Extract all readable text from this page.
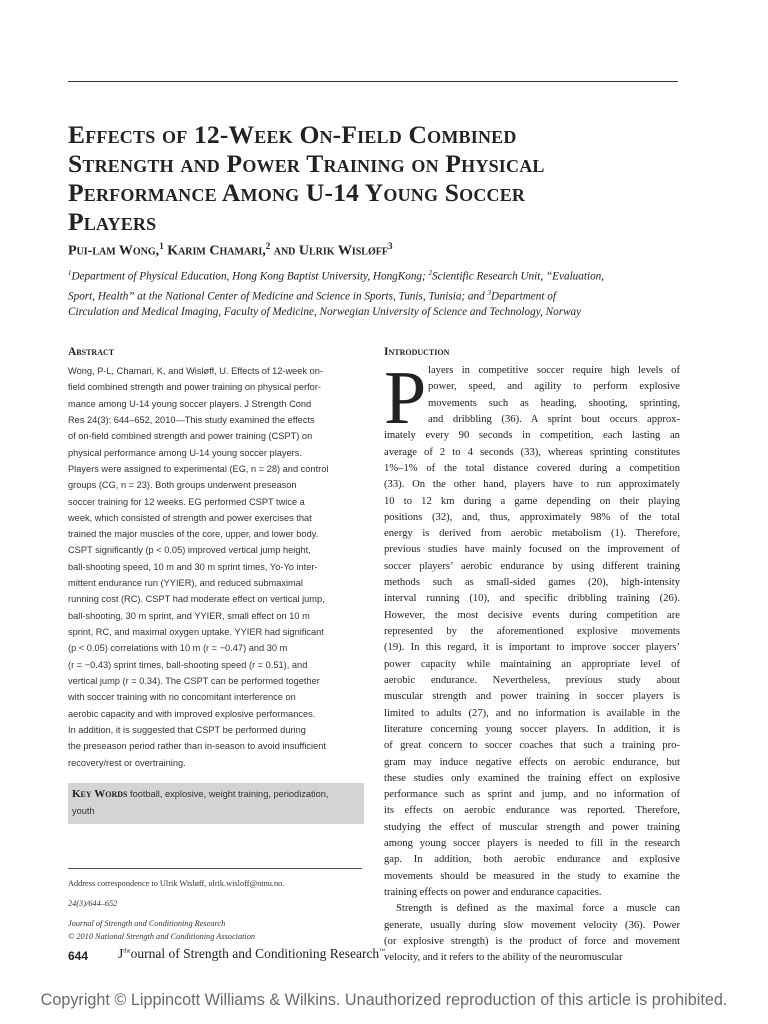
Effects of 12-Week On-Field Combined
Strength and Power Training on Physical
Performance Among U-14 Young Soccer
Players
Pui-lam Wong,$^1$ Karim Chamari,$^2$ and Ulrik Wisløff$^3$
$^1$Department of Physical Education, Hong Kong Baptist University, HongKong; $^2$Scientific Research Unit, “Evaluation,
Sport, Health” at the National Center of Medicine and Science in Sports, Tunis, Tunisia; and $^3$Department of
Circulation and Medical Imaging, Faculty of Medicine, Norwegian University of Science and Technology, Norway
Abstract
Wong, P-L, Chamari, K, and Wisløff, U. Effects of 12-week on-
field combined strength and power training on physical perfor-
mance among U-14 young soccer players. J Strength Cond
Res 24(3): 644–652, 2010—This study examined the effects
of on-field combined strength and power training (CSPT) on
physical performance among U-14 young soccer players.
Players were assigned to experimental (EG, n = 28) and control
groups (CG, n = 23). Both groups underwent preseason
soccer training for 12 weeks. EG performed CSPT twice a
week, which consisted of strength and power exercises that
trained the major muscles of the core, upper, and lower body.
CSPT significantly (p < 0.05) improved vertical jump height,
ball-shooting speed, 10 m and 30 m sprint times, Yo-Yo inter-
mittent endurance run (YYIER), and reduced submaximal
running cost (RC). CSPT had moderate effect on vertical jump,
ball-shooting, 30 m sprint, and YYIER, small effect on 10 m
sprint, RC, and maximal oxygen uptake. YYIER had significant
(p < 0.05) correlations with 10 m (r = −0.47) and 30 m
(r = −0.43) sprint times, ball-shooting speed (r = 0.51), and
vertical jump (r = 0.34). The CSPT can be performed together
with soccer training with no concomitant interference on
aerobic capacity and with improved explosive performances.
In addition, it is suggested that CSPT be performed during
the preseason period rather than in-season to avoid insufficient
recovery/rest or overtraining.
Key Words football, explosive, weight training, periodization,
youth
Address correspondence to Ulrik Wisløff, ulrik.wisloff@ntnu.no.
24(3)/644–652
Journal of Strength and Conditioning Research
© 2010 National Strength and Conditioning Association
644 $J^{the}ournal$ of Strength and Conditioning Research™
Introduction
P layers in competitive soccer require high levels of
power, speed, and agility to perform explosive
movements such as heading, shooting, sprinting,
and dribbling (36). A sprint bout occurs approx-
imately every 90 seconds in competition, each lasting an
average of 2 to 4 seconds (33), whereas sprinting constitutes
1%–1% of the total distance covered during a competition
(33). On the other hand, players have to run approximately
10 to 12 km during a game depending on their playing
positions (32), and, thus, approximately 98% of the total
energy is derived from aerobic metabolism (1). Therefore,
previous studies have mainly focused on the improvement of
soccer players’ aerobic endurance by using different training
methods such as small-sided games (20), high-intensity
interval running (10), and specific dribbling training (26).
However, the most decisive events during competition are
represented by the aforementioned explosive movements
(19). In this regard, it is important to improve soccer players’
power capacity while maintaining an appropriate level of
aerobic endurance. Nevertheless, previous study about
muscular strength and power training in soccer players is
limited to adults (27), and no information is available in the
literature concerning young soccer players. In addition, it is
of great concern to soccer coaches that such a training pro-
gram may induce negative effects on aerobic endurance, but
these studies only examined the training effect on explosive
performance such as sprint and jump, and no information of
its effects on aerobic endurance was reported. Therefore,
studying the effect of muscular strength and power training
among young soccer players is needed to fill in the research
gap. In addition, both aerobic endurance and explosive
movements should be measured in the study to examine the
training effects on power and endurance capacities.
Strength is defined as the maximal force a muscle can
generate, usually during slow movement velocity (36). Power
(or explosive strength) is the product of force and movement
velocity, and it refers to the ability of the neuromuscular
Copyright © Lippincott Williams & Wilkins. Unauthorized reproduction of this article is prohibited.
